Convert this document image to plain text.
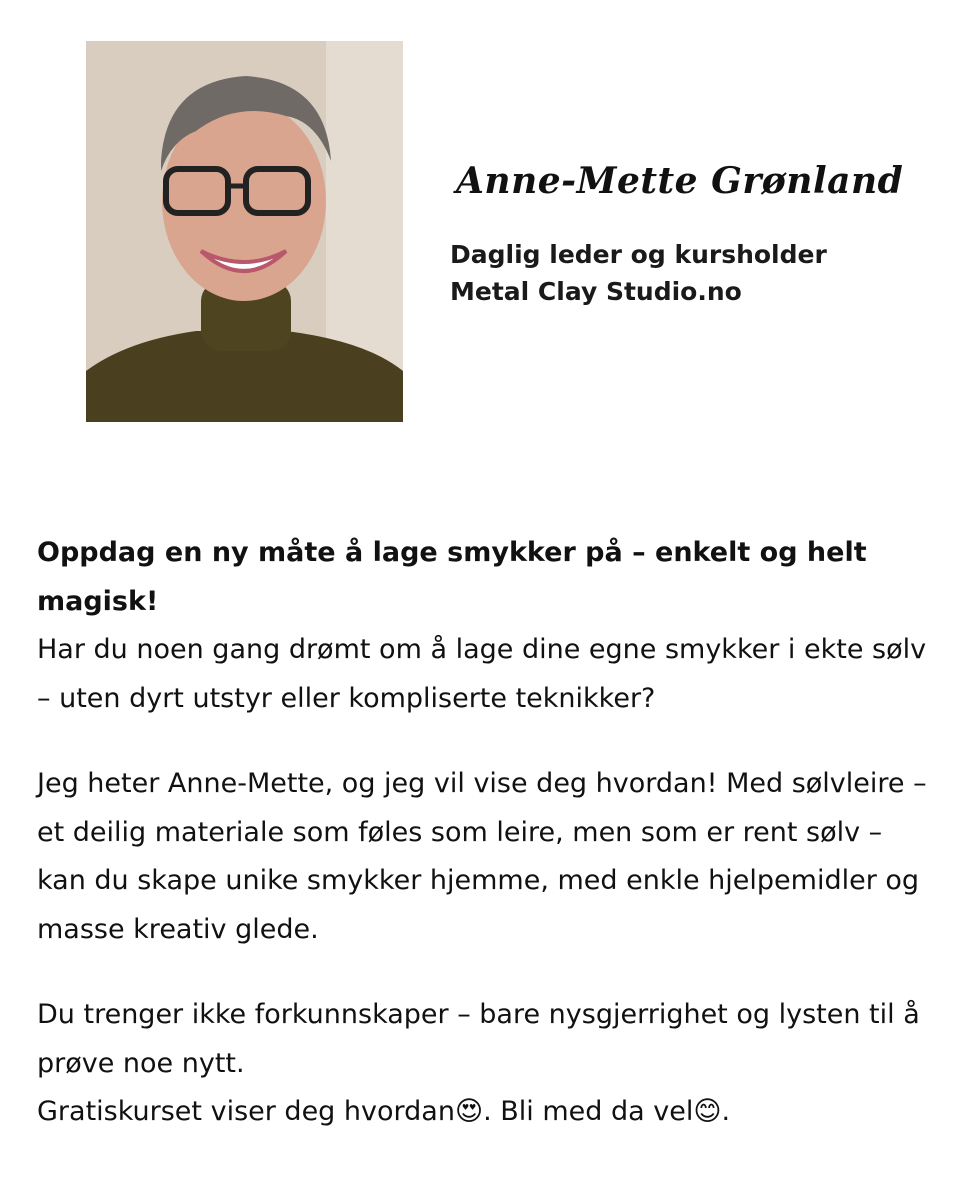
Anne-Mette Grønland
Daglig leder og kursholder
Metal Clay Studio.no

Oppdag en ny måte å lage smykker på – enkelt og helt magisk!

Har du noen gang drømt om å lage dine egne smykker i ekte sølv – uten dyrt utstyr eller kompliserte teknikker?

Jeg heter Anne-Mette, og jeg vil vise deg hvordan! Med sølvleire – et deilig materiale som føles som leire, men som er rent sølv – kan du skape unike smykker hjemme, med enkle hjelpemidler og masse kreativ glede.

Du trenger ikke forkunnskaper – bare nysgjerrighet og lysten til å prøve noe nytt.

Gratiskurset viser deg hvordan😍. Bli med da vel😊.
